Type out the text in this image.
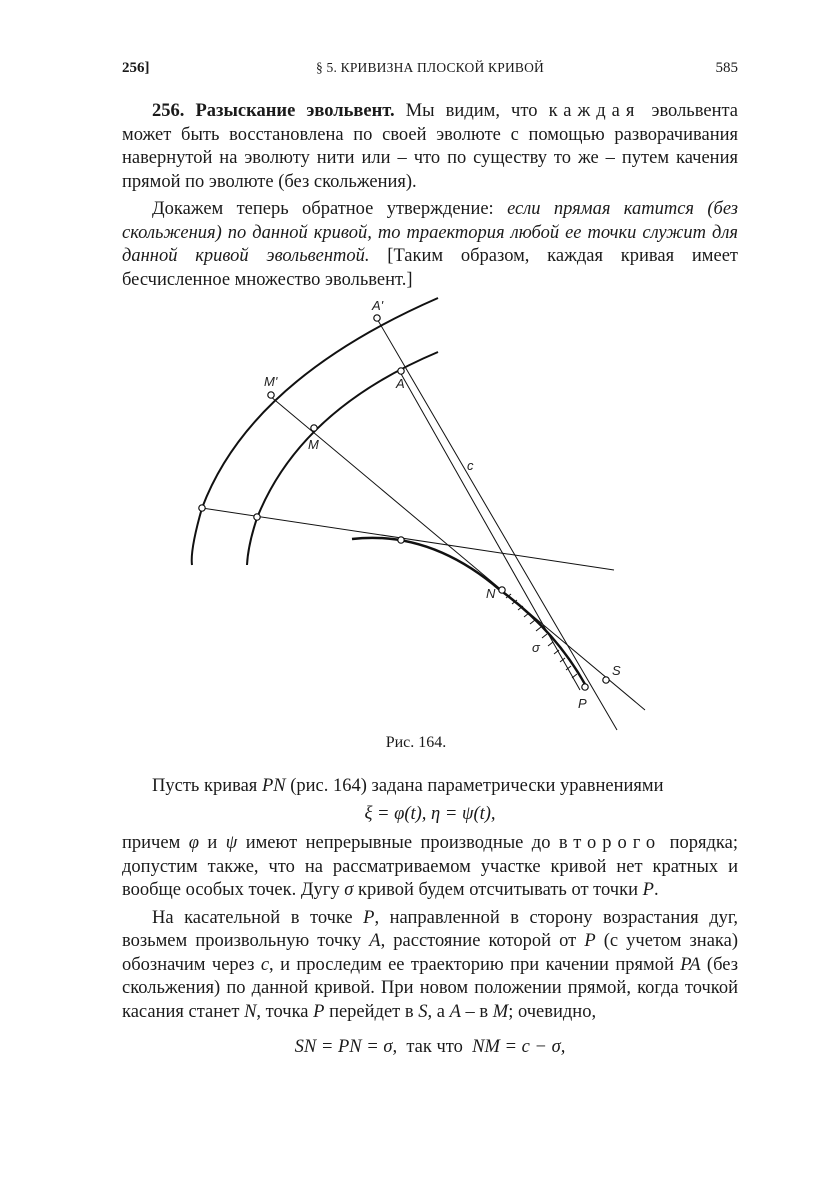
256]	§ 5. КРИВИЗНА ПЛОСКОЙ КРИВОЙ	585

256. Разыскание эвольвент. Мы видим, что каждая эвольвента может быть восстановлена по своей эволюте с помощью разворачивания навернутой на эволюту нити или – что по существу то же – путем качения прямой по эволюте (без скольжения).

Докажем теперь обратное утверждение: если прямая катится (без скольжения) по данной кривой, то траектория любой ее точки служит для данной кривой эвольвентой. [Таким образом, каждая кривая имеет бесчисленное множество эвольвент.]

A'
A
M'
M
c
N
σ
S
P
Рис. 164.

Пусть кривая PN (рис. 164) задана параметрически уравнениями

ξ = φ(t), η = ψ(t),

причем φ и ψ имеют непрерывные производные до второго порядка; допустим также, что на рассматриваемом участке кривой нет кратных и вообще особых точек. Дугу σ кривой будем отсчитывать от точки P.

На касательной в точке P, направленной в сторону возрастания дуг, возьмем произвольную точку A, расстояние которой от P (с учетом знака) обозначим через c, и проследим ее траекторию при качении прямой PA (без скольжения) по данной кривой. При новом положении прямой, когда точкой касания станет N, точка P перейдет в S, а A – в M; очевидно,

SN = PN = σ,  так что  NM = c − σ,
